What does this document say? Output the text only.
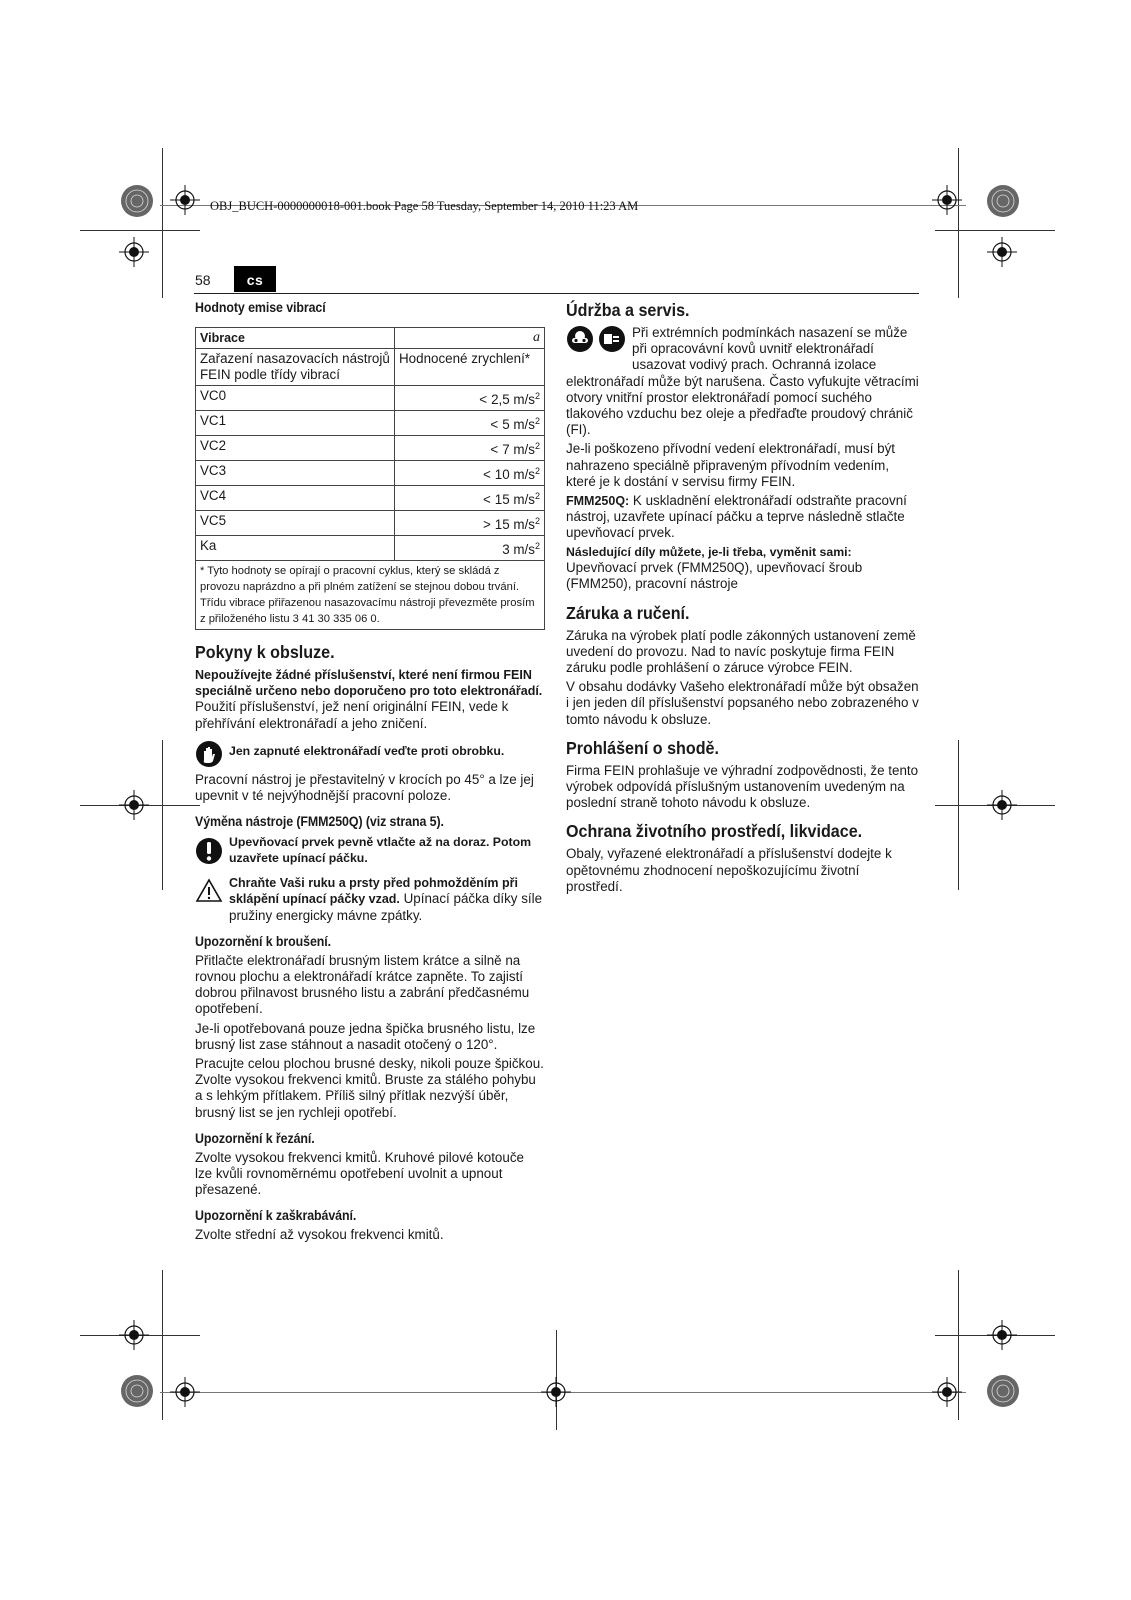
OBJ_BUCH-0000000018-001.book Page 58 Tuesday, September 14, 2010 11:23 AM
58	cs
Hodnoty emise vibrací
Vibrace	a
Zařazení nasazovacích nástrojů FEIN podle třídy vibrací	Hodnocené zrychlení*
VC0	< 2,5 $m/s^2$
VC1	< 5 $m/s^2$
VC2	< 7 $m/s^2$
VC3	< 10 $m/s^2$
VC4	< 15 $m/s^2$
VC5	> 15 $m/s^2$
Ka	3 $m/s^2$
* Tyto hodnoty se opírají o pracovní cyklus, který se skládá z provozu naprázdno a při plném zatížení se stejnou dobou trvání. Třídu vibrace přiřazenou nasazovacímu nástroji převezměte prosím z přiloženého listu 3 41 30 335 06 0.	
Pokyny k obsluze.

Nepoužívejte žádné příslušenství, které není firmou FEIN speciálně určeno nebo doporučeno pro toto elektronářadí. Použití příslušenství, jež není originální FEIN, vede k přehřívání elektronářadí a jeho zničení.

Jen zapnuté elektronářadí veďte proti obrobku.

Pracovní nástroj je přestavitelný v krocích po 45° a lze jej upevnit v té nejvýhodnější pracovní poloze.

Výměna nástroje (FMM250Q) (viz strana 5).
Upevňovací prvek pevně vtlačte až na doraz. Potom uzavřete upínací páčku.

Chraňte Vaši ruku a prsty před pohmožděním při sklápění upínací páčky vzad. Upínací páčka díky síle pružiny energicky mávne zpátky.

Upozornění k broušení.

Přitlačte elektronářadí brusným listem krátce a silně na rovnou plochu a elektronářadí krátce zapněte. To zajistí dobrou přilnavost brusného listu a zabrání předčasnému opotřebení.

Je-li opotřebovaná pouze jedna špička brusného listu, lze brusný list zase stáhnout a nasadit otočený o 120°.

Pracujte celou plochou brusné desky, nikoli pouze špičkou. Zvolte vysokou frekvenci kmitů. Bruste za stálého pohybu a s lehkým přítlakem. Příliš silný přítlak nezvýší úběr, brusný list se jen rychleji opotřebí.

Upozornění k řezání.

Zvolte vysokou frekvenci kmitů. Kruhové pilové kotouče lze kvůli rovnoměrnému opotřebení uvolnit a upnout přesazené.

Upozornění k zaškrabávání.

Zvolte střední až vysokou frekvenci kmitů.

Údržba a servis.

Při extrémních podmínkách nasazení se může při opracovávní kovů uvnitř elektronářadí usazovat vodivý prach. Ochranná izolace elektronářadí může být narušena. Často vyfukujte větracími otvory vnitřní prostor elektronářadí pomocí suchého tlakového vzduchu bez oleje a předřaďte proudový chránič (FI).

Je-li poškozeno přívodní vedení elektronářadí, musí být nahrazeno speciálně připraveným přívodním vedením, které je k dostání v servisu firmy FEIN.

FMM250Q: K uskladnění elektronářadí odstraňte pracovní nástroj, uzavřete upínací páčku a teprve následně stlačte upevňovací prvek.

Následující díly můžete, je-li třeba, vyměnit sami:

Upevňovací prvek (FMM250Q), upevňovací šroub (FMM250), pracovní nástroje

Záruka a ručení.

Záruka na výrobek platí podle zákonných ustanovení země uvedení do provozu. Nad to navíc poskytuje firma FEIN záruku podle prohlášení o záruce výrobce FEIN.

V obsahu dodávky Vašeho elektronářadí může být obsažen i jen jeden díl příslušenství popsaného nebo zobrazeného v tomto návodu k obsluze.

Prohlášení o shodě.

Firma FEIN prohlašuje ve výhradní zodpovědnosti, že tento výrobek odpovídá příslušným ustanovením uvedeným na poslední straně tohoto návodu k obsluze.

Ochrana životního prostředí, likvidace.

Obaly, vyřazené elektronářadí a příslušenství dodejte k opětovnému zhodnocení nepoškozujícímu životní prostředí.
